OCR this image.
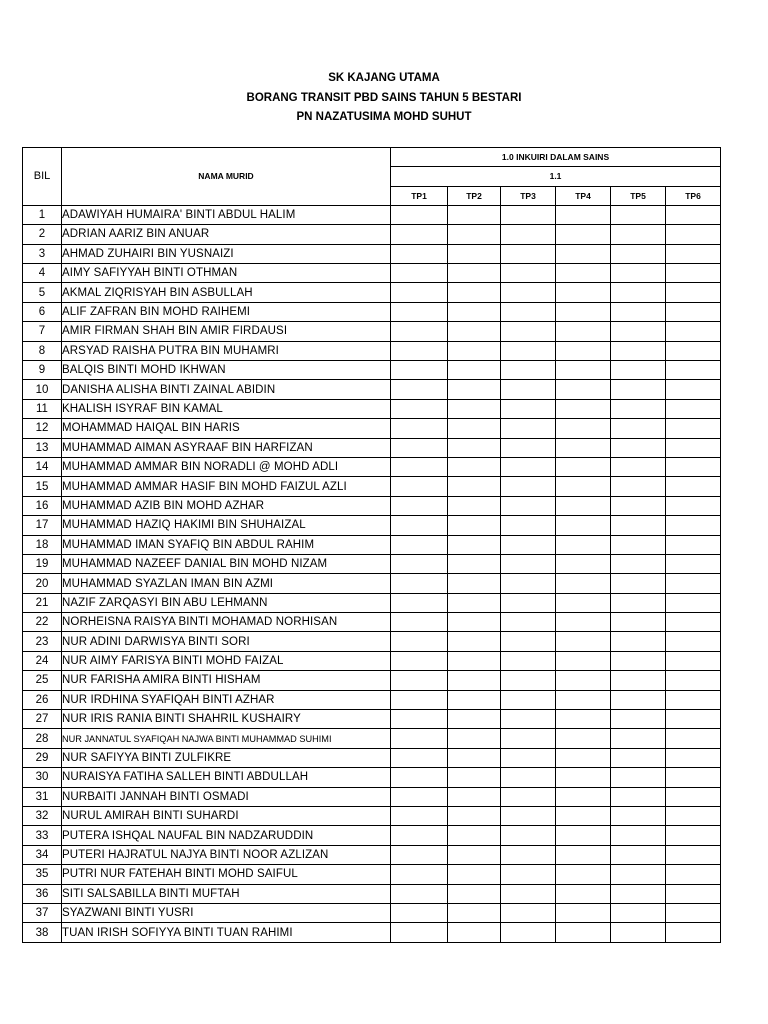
SK KAJANG UTAMA
BORANG TRANSIT PBD SAINS TAHUN 5 BESTARI
PN NAZATUSIMA MOHD SUHUT
BIL	NAMA MURID	1.0 INKUIRI DALAM SAINS					
		1.1					
		TP1	TP2	TP3	TP4	TP5	TP6
1	ADAWIYAH HUMAIRA' BINTI ABDUL HALIM						
2	ADRIAN AARIZ BIN ANUAR						
3	AHMAD ZUHAIRI BIN YUSNAIZI						
4	AIMY SAFIYYAH BINTI OTHMAN						
5	AKMAL ZIQRISYAH BIN ASBULLAH						
6	ALIF ZAFRAN BIN MOHD RAIHEMI						
7	AMIR FIRMAN SHAH BIN AMIR FIRDAUSI						
8	ARSYAD RAISHA PUTRA BIN MUHAMRI						
9	BALQIS BINTI MOHD IKHWAN						
10	DANISHA ALISHA BINTI ZAINAL ABIDIN						
11	KHALISH ISYRAF BIN KAMAL						
12	MOHAMMAD HAIQAL BIN HARIS						
13	MUHAMMAD AIMAN ASYRAAF BIN HARFIZAN						
14	MUHAMMAD AMMAR BIN NORADLI @ MOHD ADLI						
15	MUHAMMAD AMMAR HASIF BIN MOHD FAIZUL AZLI						
16	MUHAMMAD AZIB BIN MOHD AZHAR						
17	MUHAMMAD HAZIQ HAKIMI BIN SHUHAIZAL						
18	MUHAMMAD IMAN SYAFIQ BIN ABDUL RAHIM						
19	MUHAMMAD NAZEEF DANIAL BIN MOHD NIZAM						
20	MUHAMMAD SYAZLAN IMAN BIN AZMI						
21	NAZIF ZARQASYI BIN ABU LEHMANN						
22	NORHEISNA RAISYA BINTI MOHAMAD NORHISAN						
23	NUR ADINI DARWISYA BINTI SORI						
24	NUR AIMY FARISYA BINTI MOHD FAIZAL						
25	NUR FARISHA AMIRA BINTI HISHAM						
26	NUR IRDHINA SYAFIQAH BINTI AZHAR						
27	NUR IRIS RANIA BINTI SHAHRIL KUSHAIRY						
28	NUR JANNATUL SYAFIQAH NAJWA BINTI MUHAMMAD SUHIMI						
29	NUR SAFIYYA BINTI ZULFIKRE						
30	NURAISYA FATIHA SALLEH BINTI ABDULLAH						
31	NURBAITI JANNAH BINTI OSMADI						
32	NURUL AMIRAH BINTI SUHARDI						
33	PUTERA ISHQAL NAUFAL BIN NADZARUDDIN						
34	PUTERI HAJRATUL NAJYA BINTI NOOR AZLIZAN						
35	PUTRI NUR FATEHAH BINTI MOHD SAIFUL						
36	SITI SALSABILLA BINTI MUFTAH						
37	SYAZWANI BINTI YUSRI						
38	TUAN IRISH SOFIYYA BINTI TUAN RAHIMI						
